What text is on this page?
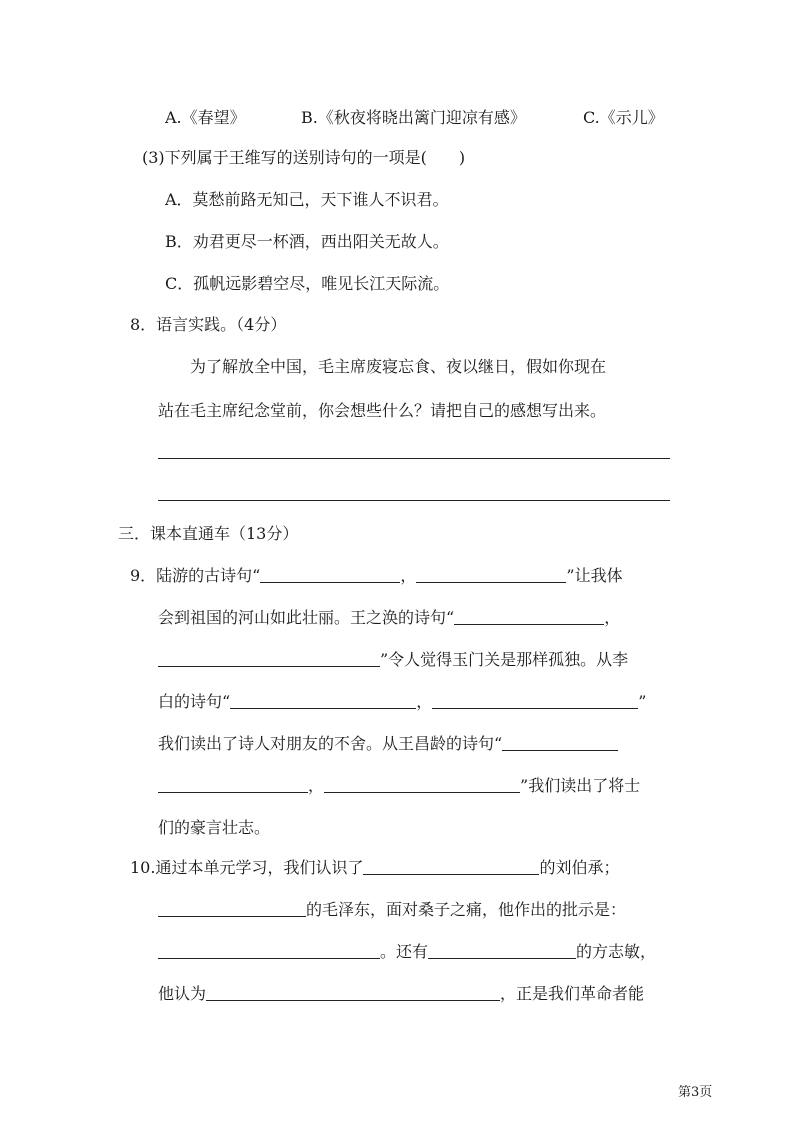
A.《春望》	B.《秋夜将晓出篱门迎凉有感》	C.《示儿》
(3)下列属于王维写的送别诗句的一项是(　　)
A．莫愁前路无知己，天下谁人不识君。
B．劝君更尽一杯酒，西出阳关无故人。
C．孤帆远影碧空尽，唯见长江天际流。
8．语言实践。（4分）
为了解放全中国，毛主席废寝忘食、夜以继日，假如你现在
站在毛主席纪念堂前，你会想些什么？请把自己的感想写出来。
三．课本直通车（13分）
9．陆游的古诗句“	，	”让我体
会到祖国的河山如此壮丽。王之涣的诗句“	，
”令人觉得玉门关是那样孤独。从李
白的诗句“	，	”
我们读出了诗人对朋友的不舍。从王昌龄的诗句“
，	”我们读出了将士
们的豪言壮志。
10.通过本单元学习，我们认识了	的刘伯承；
的毛泽东，面对桑子之痛，他作出的批示是：
。还有	的方志敏，
他认为	，正是我们革命者能
第3页
